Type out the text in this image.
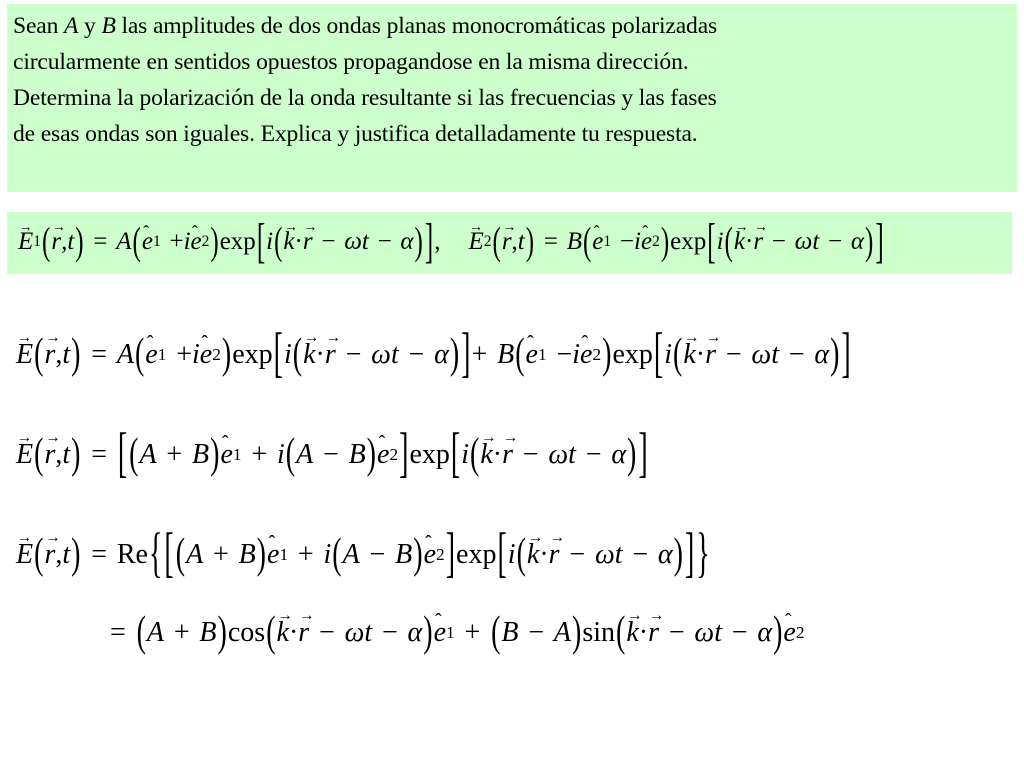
Sean A y B las amplitudes de dos ondas planas monocromáticas polarizadas

circularmente en sentidos opuestos propagandose en la misma dirección.

Determina la polarización de la onda resultante si las frecuencias y las fases

de esas ondas son iguales. Explica y justifica detalladamente tu respuesta.

E → 1 ( r → , t ) = A ( e ˆ 1 + i e ˆ 2 ) exp [ i ( k → · r → − ω t − α ) ] , E → 2 ( r → , t ) = B ( e ˆ 1 − i e ˆ 2 ) exp [ i ( k → · r → − ω t − α ) ]
E → ( r → , t ) = A ( e ˆ 1 + i e ˆ 2 ) exp [ i ( k → · r → − ω t − α ) ] + B ( e ˆ 1 − i e ˆ 2 ) exp [ i ( k → · r → − ω t − α ) ]
E → ( r → , t ) = [ ( A + B ) e ˆ 1 + i ( A − B ) e ˆ 2 ] exp [ i ( k → · r → − ω t − α ) ]
E → ( r → , t ) = Re { [ ( A + B ) e ˆ 1 + i ( A − B ) e ˆ 2 ] exp [ i ( k → · r → − ω t − α ) ] }
= ( A + B ) cos ( k → · r → − ω t − α ) e ˆ 1 + ( B − A ) sin ( k → · r → − ω t − α ) e ˆ 2
